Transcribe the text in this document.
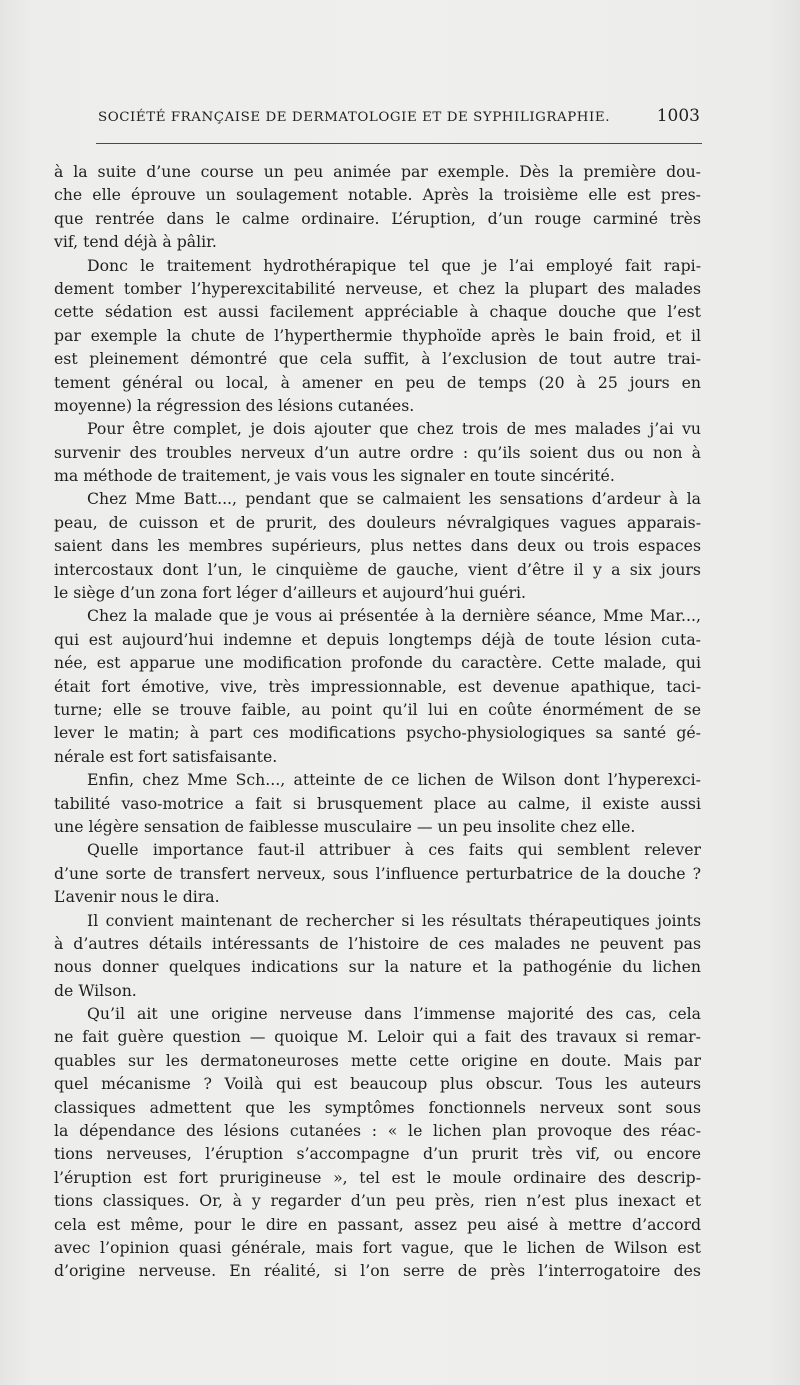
SOCIÉTÉ FRANÇAISE DE DERMATOLOGIE ET DE SYPHILIGRAPHIE.	1003
à la suite d’une course un peu animée par exemple. Dès la première dou-
che elle éprouve un soulagement notable. Après la troisième elle est pres-
que rentrée dans le calme ordinaire. L’éruption, d’un rouge carminé très
vif, tend déjà à pâlir.
Donc le traitement hydrothérapique tel que je l’ai employé fait rapi-
dement tomber l’hyperexcitabilité nerveuse, et chez la plupart des malades
cette sédation est aussi facilement appréciable à chaque douche que l’est
par exemple la chute de l’hyperthermie thyphoïde après le bain froid, et il
est pleinement démontré que cela suffit, à l’exclusion de tout autre trai-
tement général ou local, à amener en peu de temps (20 à 25 jours en
moyenne) la régression des lésions cutanées.
Pour être complet, je dois ajouter que chez trois de mes malades j’ai vu
survenir des troubles nerveux d’un autre ordre : qu’ils soient dus ou non à
ma méthode de traitement, je vais vous les signaler en toute sincérité.
Chez Mme Batt..., pendant que se calmaient les sensations d’ardeur à la
peau, de cuisson et de prurit, des douleurs névralgiques vagues apparais-
saient dans les membres supérieurs, plus nettes dans deux ou trois espaces
intercostaux dont l’un, le cinquième de gauche, vient d’être il y a six jours
le siège d’un zona fort léger d’ailleurs et aujourd’hui guéri.
Chez la malade que je vous ai présentée à la dernière séance, Mme Mar...,
qui est aujourd’hui indemne et depuis longtemps déjà de toute lésion cuta-
née, est apparue une modification profonde du caractère. Cette malade, qui
était fort émotive, vive, très impressionnable, est devenue apathique, taci-
turne; elle se trouve faible, au point qu’il lui en coûte énormément de se
lever le matin; à part ces modifications psycho-physiologiques sa santé gé-
nérale est fort satisfaisante.
Enfin, chez Mme Sch..., atteinte de ce lichen de Wilson dont l’hyperexci-
tabilité vaso-motrice a fait si brusquement place au calme, il existe aussi
une légère sensation de faiblesse musculaire — un peu insolite chez elle.
Quelle importance faut-il attribuer à ces faits qui semblent relever
d’une sorte de transfert nerveux, sous l’influence perturbatrice de la douche ?
L’avenir nous le dira.
Il convient maintenant de rechercher si les résultats thérapeutiques joints
à d’autres détails intéressants de l’histoire de ces malades ne peuvent pas
nous donner quelques indications sur la nature et la pathogénie du lichen
de Wilson.
Qu’il ait une origine nerveuse dans l’immense majorité des cas, cela
ne fait guère question — quoique M. Leloir qui a fait des travaux si remar-
quables sur les dermatoneuroses mette cette origine en doute. Mais par
quel mécanisme ? Voilà qui est beaucoup plus obscur. Tous les auteurs
classiques admettent que les symptômes fonctionnels nerveux sont sous
la dépendance des lésions cutanées : « le lichen plan provoque des réac-
tions nerveuses, l’éruption s’accompagne d’un prurit très vif, ou encore
l’éruption est fort prurigineuse », tel est le moule ordinaire des descrip-
tions classiques. Or, à y regarder d’un peu près, rien n’est plus inexact et
cela est même, pour le dire en passant, assez peu aisé à mettre d’accord
avec l’opinion quasi générale, mais fort vague, que le lichen de Wilson est
d’origine nerveuse. En réalité, si l’on serre de près l’interrogatoire des
